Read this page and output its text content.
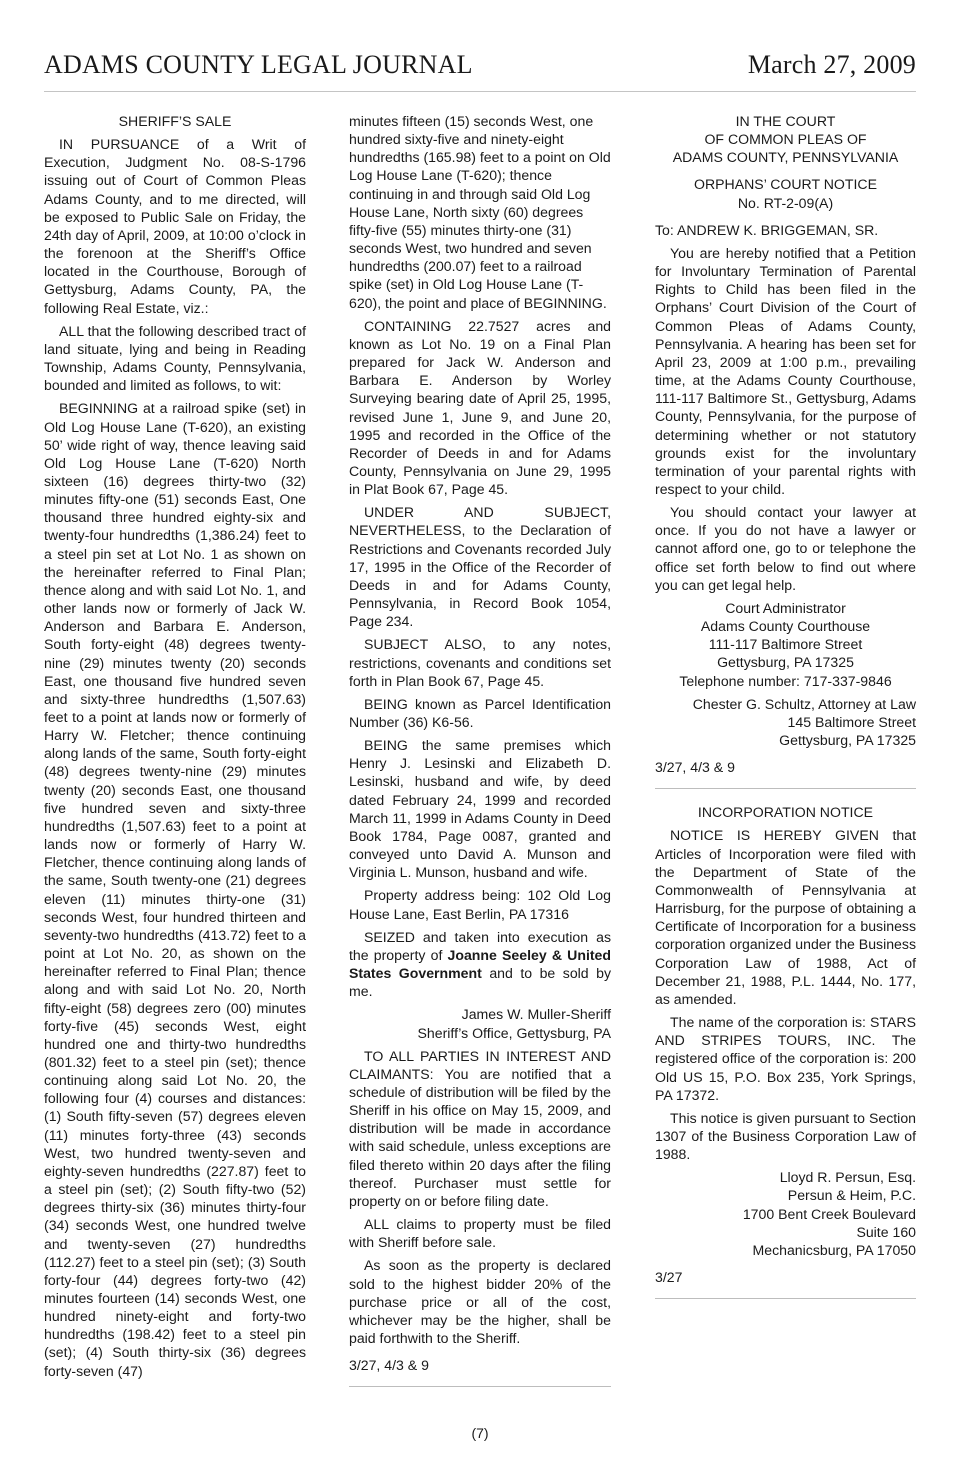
ADAMS COUNTY LEGAL JOURNAL	March 27, 2009

SHERIFF’S SALE

IN PURSUANCE of a Writ of Execution, Judgment No. 08-S-1796 issuing out of Court of Common Pleas Adams County, and to me directed, will be exposed to Public Sale on Friday, the 24th day of April, 2009, at 10:00 o’clock in the forenoon at the Sheriff’s Office located in the Courthouse, Borough of Gettysburg, Adams County, PA, the following Real Estate, viz.:

ALL that the following described tract of land situate, lying and being in Reading Township, Adams County, Pennsylvania, bounded and limited as follows, to wit:

BEGINNING at a railroad spike (set) in Old Log House Lane (T-620), an existing 50’ wide right of way, thence leaving said Old Log House Lane (T-620) North sixteen (16) degrees thirty-two (32) minutes fifty-one (51) seconds East, One thousand three hundred eighty-six and twenty-four hundredths (1,386.24) feet to a steel pin set at Lot No. 1 as shown on the hereinafter referred to Final Plan; thence along and with said Lot No. 1, and other lands now or formerly of Jack W. Anderson and Barbara E. Anderson, South forty-eight (48) degrees twenty-nine (29) minutes twenty (20) seconds East, one thousand five hundred seven and sixty-three hundredths (1,507.63) feet to a point at lands now or formerly of Harry W. Fletcher; thence continuing along lands of the same, South forty-eight (48) degrees twenty-nine (29) minutes twenty (20) seconds East, one thousand five hundred seven and sixty-three hundredths (1,507.63) feet to a point at lands now or formerly of Harry W. Fletcher, thence continuing along lands of the same, South twenty-one (21) degrees eleven (11) minutes thirty-one (31) seconds West, four hundred thirteen and seventy-two hundredths (413.72) feet to a point at Lot No. 20, as shown on the hereinafter referred to Final Plan; thence along and with said Lot No. 20, North fifty-eight (58) degrees zero (00) minutes forty-five (45) seconds West, eight hundred one and thirty-two hundredths (801.32) feet to a steel pin (set); thence continuing along said Lot No. 20, the following four (4) courses and distances: (1) South fifty-seven (57) degrees eleven (11) minutes forty-three (43) seconds West, two hundred twenty-seven and eighty-seven hundredths (227.87) feet to a steel pin (set); (2) South fifty-two (52) degrees thirty-six (36) minutes thirty-four (34) seconds West, one hundred twelve and twenty-seven (27) hundredths (112.27) feet to a steel pin (set); (3) South forty-four (44) degrees forty-two (42) minutes fourteen (14) seconds West, one hundred ninety-eight and forty-two hundredths (198.42) feet to a steel pin (set); (4) South thirty-six (36) degrees forty-seven (47)

minutes fifteen (15) seconds West, one hundred sixty-five and ninety-eight hundredths (165.98) feet to a point on Old Log House Lane (T-620); thence continuing in and through said Old Log House Lane, North sixty (60) degrees fifty-five (55) minutes thirty-one (31) seconds West, two hundred and seven hundredths (200.07) feet to a railroad spike (set) in Old Log House Lane (T-620), the point and place of BEGINNING.

CONTAINING 22.7527 acres and known as Lot No. 19 on a Final Plan prepared for Jack W. Anderson and Barbara E. Anderson by Worley Surveying bearing date of April 25, 1995, revised June 1, June 9, and June 20, 1995 and recorded in the Office of the Recorder of Deeds in and for Adams County, Pennsylvania on June 29, 1995 in Plat Book 67, Page 45.

UNDER AND SUBJECT, NEVERTHELESS, to the Declaration of Restrictions and Covenants recorded July 17, 1995 in the Office of the Recorder of Deeds in and for Adams County, Pennsylvania, in Record Book 1054, Page 234.

SUBJECT ALSO, to any notes, restrictions, covenants and conditions set forth in Plan Book 67, Page 45.

BEING known as Parcel Identification Number (36) K6-56.

BEING the same premises which Henry J. Lesinski and Elizabeth D. Lesinski, husband and wife, by deed dated February 24, 1999 and recorded March 11, 1999 in Adams County in Deed Book 1784, Page 0087, granted and conveyed unto David A. Munson and Virginia L. Munson, husband and wife.

Property address being: 102 Old Log House Lane, East Berlin, PA 17316

SEIZED and taken into execution as the property of Joanne Seeley & United States Government and to be sold by me.

James W. Muller-Sheriff

Sheriff’s Office, Gettysburg, PA

TO ALL PARTIES IN INTEREST AND CLAIMANTS: You are notified that a schedule of distribution will be filed by the Sheriff in his office on May 15, 2009, and distribution will be made in accordance with said schedule, unless exceptions are filed thereto within 20 days after the filing thereof. Purchaser must settle for property on or before filing date.

ALL claims to property must be filed with Sheriff before sale.

As soon as the property is declared sold to the highest bidder 20% of the purchase price or all of the cost, whichever may be the higher, shall be paid forthwith to the Sheriff.

3/27, 4/3 & 9

IN THE COURT

OF COMMON PLEAS OF

ADAMS COUNTY, PENNSYLVANIA

ORPHANS’ COURT NOTICE

No. RT-2-09(A)

To: ANDREW K. BRIGGEMAN, SR.

You are hereby notified that a Petition for Involuntary Termination of Parental Rights to Child has been filed in the Orphans’ Court Division of the Court of Common Pleas of Adams County, Pennsylvania. A hearing has been set for April 23, 2009 at 1:00 p.m., prevailing time, at the Adams County Courthouse, 111-117 Baltimore St., Gettysburg, Adams County, Pennsylvania, for the purpose of determining whether or not statutory grounds exist for the involuntary termination of your parental rights with respect to your child.

You should contact your lawyer at once. If you do not have a lawyer or cannot afford one, go to or telephone the office set forth below to find out where you can get legal help.

Court Administrator

Adams County Courthouse

111-117 Baltimore Street

Gettysburg, PA 17325

Telephone number: 717-337-9846

Chester G. Schultz, Attorney at Law

145 Baltimore Street

Gettysburg, PA 17325

3/27, 4/3 & 9

INCORPORATION NOTICE

NOTICE IS HEREBY GIVEN that Articles of Incorporation were filed with the Department of State of the Commonwealth of Pennsylvania at Harrisburg, for the purpose of obtaining a Certificate of Incorporation for a business corporation organized under the Business Corporation Law of 1988, Act of December 21, 1988, P.L. 1444, No. 177, as amended.

The name of the corporation is: STARS AND STRIPES TOURS, INC. The registered office of the corporation is: 200 Old US 15, P.O. Box 235, York Springs, PA 17372.

This notice is given pursuant to Section 1307 of the Business Corporation Law of 1988.

Lloyd R. Persun, Esq.

Persun & Heim, P.C.

1700 Bent Creek Boulevard

Suite 160

Mechanicsburg, PA 17050

3/27

(7)
